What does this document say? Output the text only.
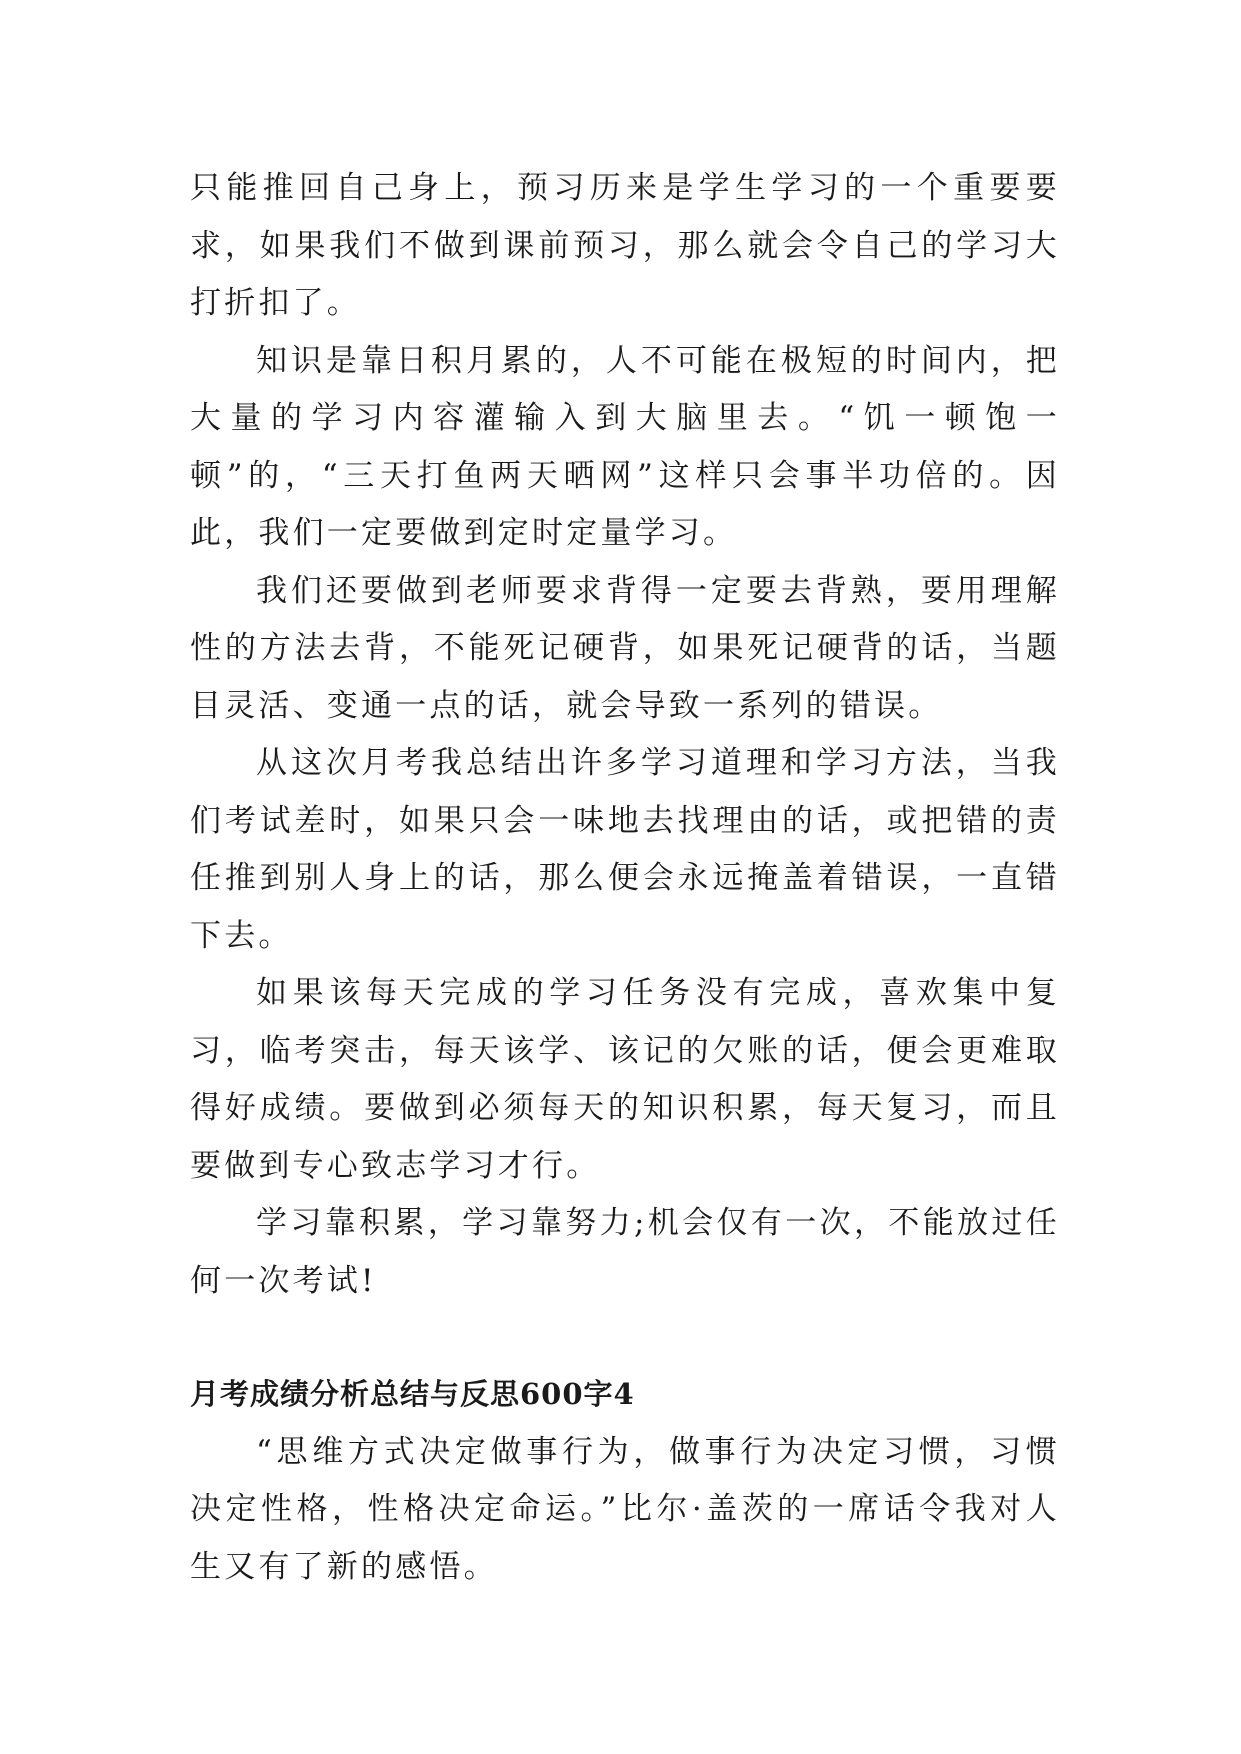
只能推回自己身上，预习历来是学生学习的一个重要要求，如果我们不做到课前预习，那么就会令自己的学习大打折扣了。

知识是靠日积月累的，人不可能在极短的时间内，把大量的学习内容灌输入到大脑里去。“饥一顿饱一顿”的，“三天打鱼两天晒网”这样只会事半功倍的。因此，我们一定要做到定时定量学习。

我们还要做到老师要求背得一定要去背熟，要用理解性的方法去背，不能死记硬背，如果死记硬背的话，当题目灵活、变通一点的话，就会导致一系列的错误。

从这次月考我总结出许多学习道理和学习方法，当我们考试差时，如果只会一味地去找理由的话，或把错的责任推到别人身上的话，那么便会永远掩盖着错误，一直错下去。

如果该每天完成的学习任务没有完成，喜欢集中复习，临考突击，每天该学、该记的欠账的话，便会更难取得好成绩。要做到必须每天的知识积累，每天复习，而且要做到专心致志学习才行。

学习靠积累，学习靠努力;机会仅有一次，不能放过任何一次考试!

月考成绩分析总结与反思600字4

“思维方式决定做事行为，做事行为决定习惯，习惯决定性格，性格决定命运。”比尔·盖茨的一席话令我对人生又有了新的感悟。
